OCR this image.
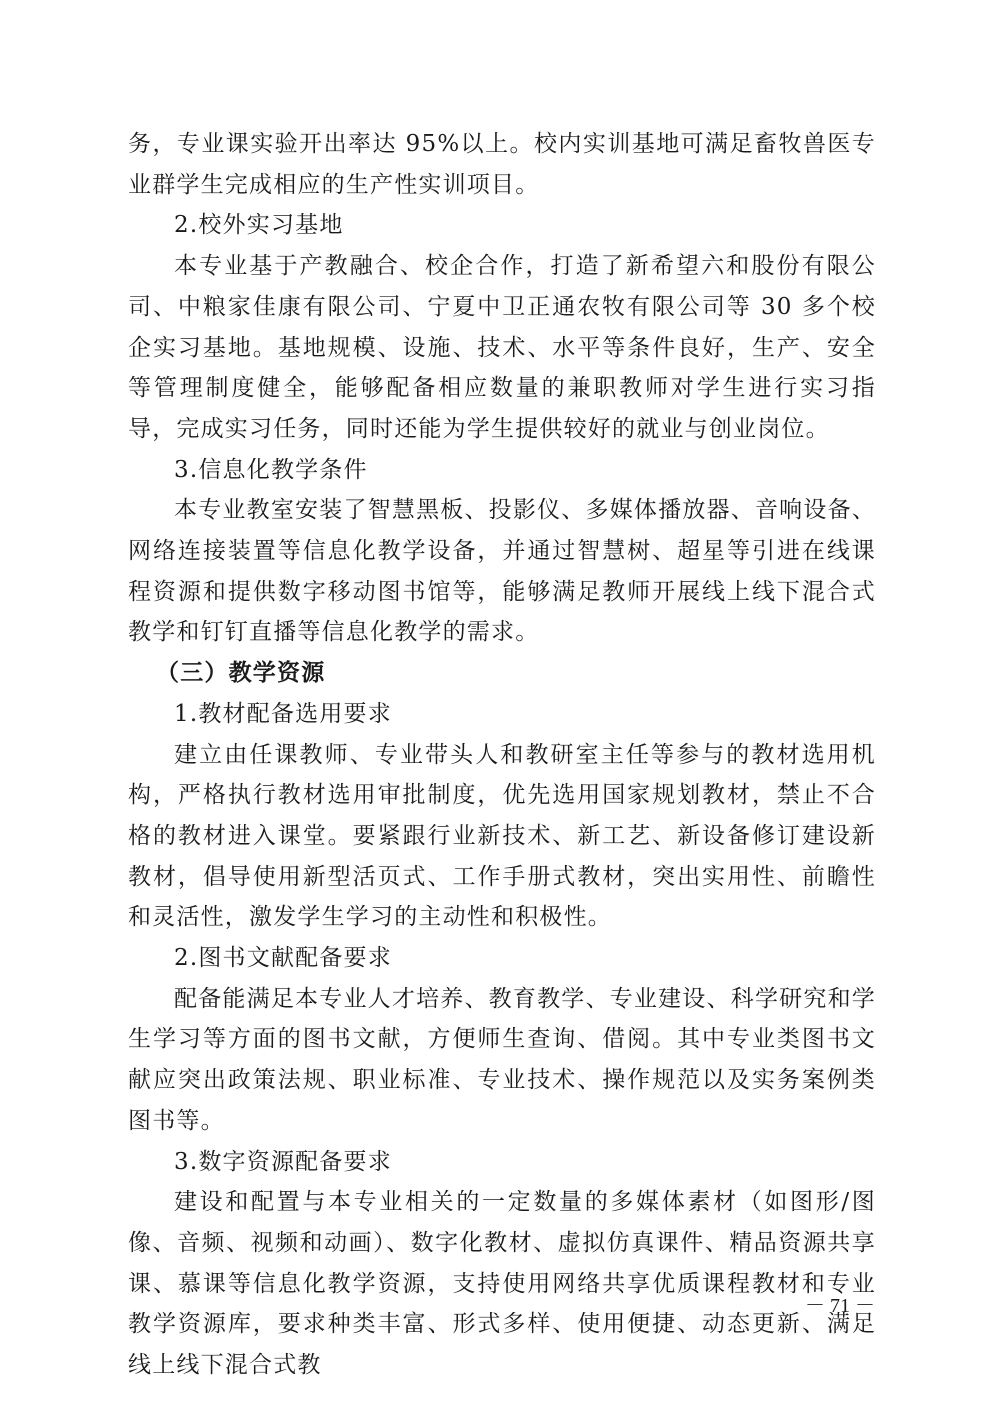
务，专业课实验开出率达 95%以上。校内实训基地可满足畜牧兽医专业群学生完成相应的生产性实训项目。

2.校外实习基地

本专业基于产教融合、校企合作，打造了新希望六和股份有限公司、中粮家佳康有限公司、宁夏中卫正通农牧有限公司等 30 多个校企实习基地。基地规模、设施、技术、水平等条件良好，生产、安全等管理制度健全，能够配备相应数量的兼职教师对学生进行实习指导，完成实习任务，同时还能为学生提供较好的就业与创业岗位。

3.信息化教学条件

本专业教室安装了智慧黑板、投影仪、多媒体播放器、音响设备、网络连接装置等信息化教学设备，并通过智慧树、超星等引进在线课程资源和提供数字移动图书馆等，能够满足教师开展线上线下混合式教学和钉钉直播等信息化教学的需求。

（三）教学资源

1.教材配备选用要求

建立由任课教师、专业带头人和教研室主任等参与的教材选用机构，严格执行教材选用审批制度，优先选用国家规划教材，禁止不合格的教材进入课堂。要紧跟行业新技术、新工艺、新设备修订建设新教材，倡导使用新型活页式、工作手册式教材，突出实用性、前瞻性和灵活性，激发学生学习的主动性和积极性。

2.图书文献配备要求

配备能满足本专业人才培养、教育教学、专业建设、科学研究和学生学习等方面的图书文献，方便师生查询、借阅。其中专业类图书文献应突出政策法规、职业标准、专业技术、操作规范以及实务案例类图书等。

3.数字资源配备要求

建设和配置与本专业相关的一定数量的多媒体素材（如图形/图像、音频、视频和动画）、数字化教材、虚拟仿真课件、精品资源共享课、慕课等信息化教学资源，支持使用网络共享优质课程教材和专业教学资源库，要求种类丰富、形式多样、使用便捷、动态更新、满足线上线下混合式教

－ 71 －
